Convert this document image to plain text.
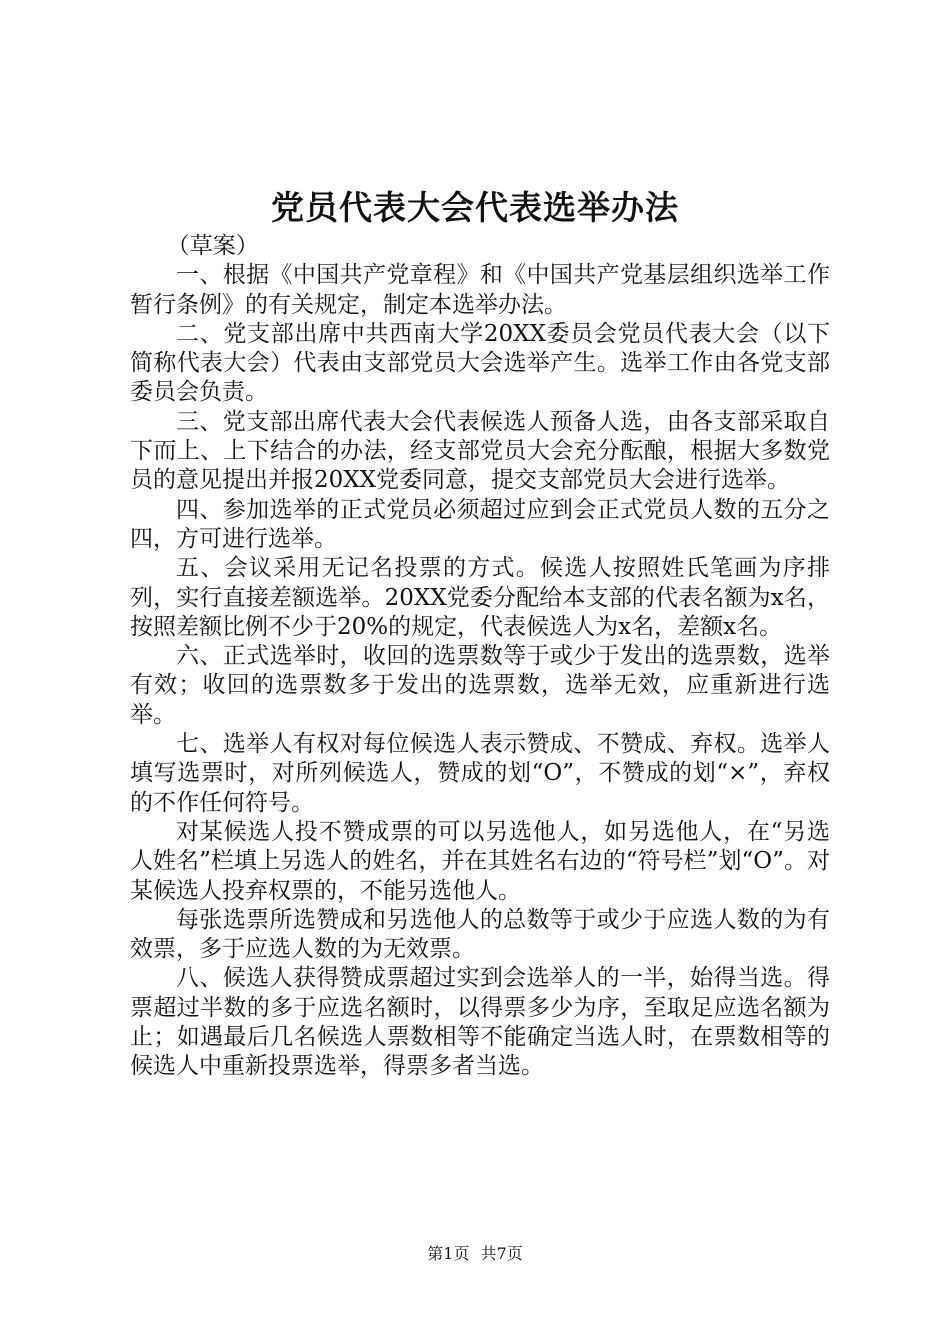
党员代表大会代表选举办法

（草案）

一、根据《中国共产党章程》和《中国共产党基层组织选举工作暂行条例》的有关规定，制定本选举办法。

二、党支部出席中共西南大学20XX委员会党员代表大会（以下简称代表大会）代表由支部党员大会选举产生。选举工作由各党支部委员会负责。

三、党支部出席代表大会代表候选人预备人选，由各支部采取自下而上、上下结合的办法，经支部党员大会充分酝酿，根据大多数党员的意见提出并报20XX党委同意，提交支部党员大会进行选举。

四、参加选举的正式党员必须超过应到会正式党员人数的五分之四，方可进行选举。

五、会议采用无记名投票的方式。候选人按照姓氏笔画为序排列，实行直接差额选举。20XX党委分配给本支部的代表名额为x名，按照差额比例不少于20%的规定，代表候选人为x名，差额x名。

六、正式选举时，收回的选票数等于或少于发出的选票数，选举有效；收回的选票数多于发出的选票数，选举无效，应重新进行选举。

七、选举人有权对每位候选人表示赞成、不赞成、弃权。选举人填写选票时，对所列候选人，赞成的划“O”，不赞成的划“×”，弃权的不作任何符号。

对某候选人投不赞成票的可以另选他人，如另选他人，在“另选人姓名”栏填上另选人的姓名，并在其姓名右边的“符号栏”划“O”。对某候选人投弃权票的，不能另选他人。

每张选票所选赞成和另选他人的总数等于或少于应选人数的为有效票，多于应选人数的为无效票。

八、候选人获得赞成票超过实到会选举人的一半，始得当选。得票超过半数的多于应选名额时，以得票多少为序，至取足应选名额为止；如遇最后几名候选人票数相等不能确定当选人时，在票数相等的候选人中重新投票选举，得票多者当选。

第1页 共7页
